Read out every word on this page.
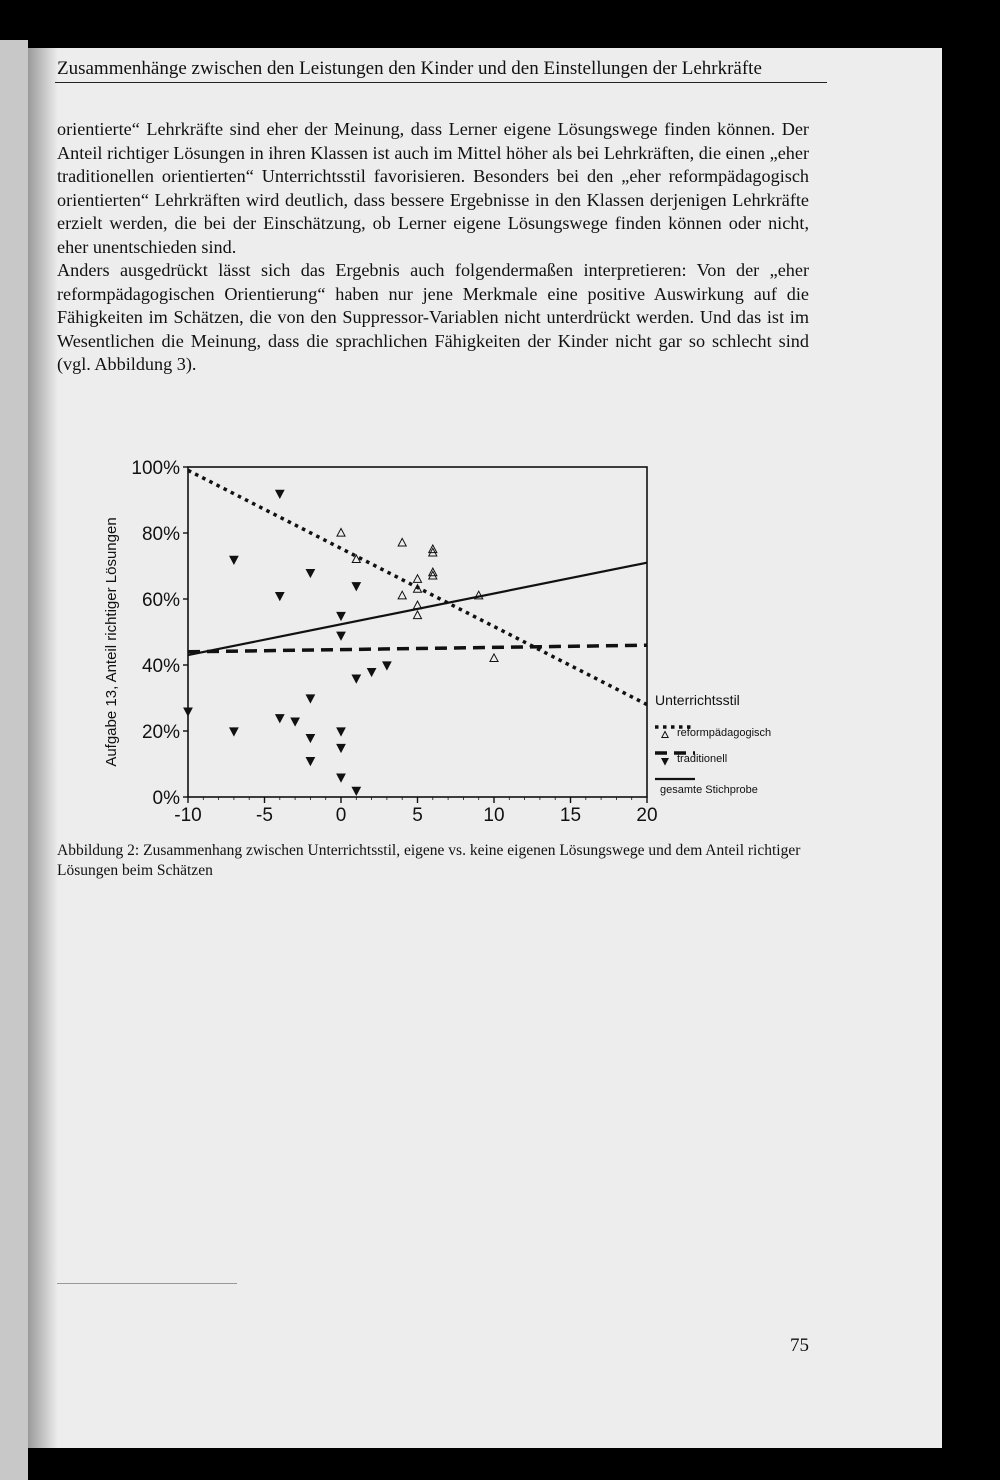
Zusammenhänge zwischen den Leistungen den Kinder und den Einstellungen der Lehrkräfte

orientierte“ Lehrkräfte sind eher der Meinung, dass Lerner eigene Lösungswege finden können. Der Anteil richtiger Lösungen in ihren Klassen ist auch im Mittel höher als bei Lehrkräften, die einen „eher traditionellen orientierten“ Unterrichtsstil favorisieren. Besonders bei den „eher reformpädagogisch orientierten“ Lehrkräften wird deutlich, dass bessere Ergebnisse in den Klassen derjenigen Lehrkräfte erzielt werden, die bei der Einschätzung, ob Lerner eigene Lösungswege finden können oder nicht, eher unentschieden sind.

Anders ausgedrückt lässt sich das Ergebnis auch folgendermaßen interpretieren: Von der „eher reformpädagogischen Orientierung“ haben nur jene Merkmale eine positive Auswirkung auf die Fähigkeiten im Schätzen, die von den Suppressor-Variablen nicht unterdrückt werden. Und das ist im Wesentlichen die Meinung, dass die sprachlichen Fähigkeiten der Kinder nicht gar so schlecht sind (vgl. Abbildung 3).

0%
20%
40%
60%
80%
100%
-10	-5	0	5	10	15	20
Aufgabe 13, Anteil richtiger Lösungen	Unterrichtsstil
reformpädagogisch
traditionell
gesamte Stichprobe
Abbildung 2: Zusammenhang zwischen Unterrichtsstil, eigene vs. keine eigenen Lösungswege und dem Anteil richtiger Lösungen beim Schätzen
75
